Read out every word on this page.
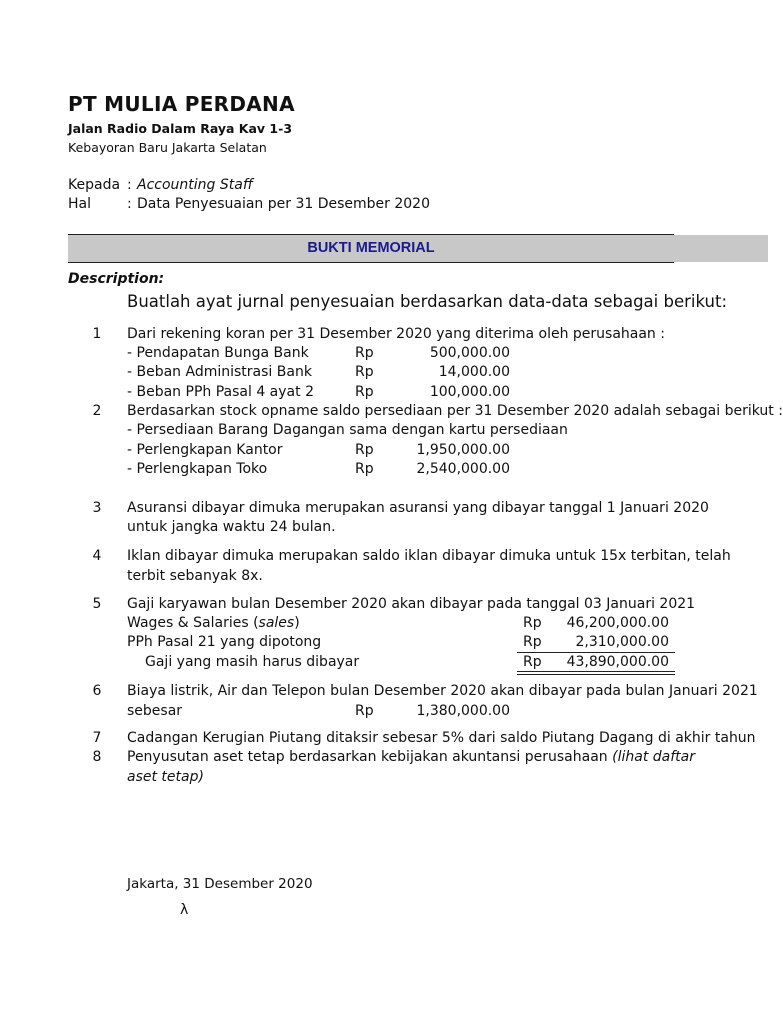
PT MULIA PERDANA
Jalan Radio Dalam Raya Kav 1-3
Kebayoran Baru Jakarta Selatan
Kepada : Accounting Staff
Hal	: Data Penyesuaian per 31 Desember 2020
BUKTI MEMORIAL
Description:
Buatlah ayat jurnal penyesuaian berdasarkan data-data sebagai berikut:
1	Dari rekening koran per 31 Desember 2020 yang diterima oleh perusahaan :
- Pendapatan Bunga Bank	Rp	500,000.00
- Beban Administrasi Bank	Rp	14,000.00
- Beban PPh Pasal 4 ayat 2	Rp	100,000.00
2	Berdasarkan stock opname saldo persediaan per 31 Desember 2020 adalah sebagai berikut :
- Persediaan Barang Dagangan sama dengan kartu persediaan
- Perlengkapan Kantor	Rp	1,950,000.00
- Perlengkapan Toko	Rp	2,540,000.00
3	Asuransi dibayar dimuka merupakan asuransi yang dibayar tanggal 1 Januari 2020
untuk jangka waktu 24 bulan.
4	Iklan dibayar dimuka merupakan saldo iklan dibayar dimuka untuk 15x terbitan, telah
terbit sebanyak 8x.
5	Gaji karyawan bulan Desember 2020 akan dibayar pada tanggal 03 Januari 2021
Wages & Salaries (sales)	Rp	46,200,000.00
PPh Pasal 21 yang dipotong	Rp	2,310,000.00
Gaji yang masih harus dibayar	Rp	43,890,000.00
6	Biaya listrik, Air dan Telepon bulan Desember 2020 akan dibayar pada bulan Januari 2021
sebesar	Rp	1,380,000.00
7	Cadangan Kerugian Piutang ditaksir sebesar 5% dari saldo Piutang Dagang di akhir tahun
8	Penyusutan aset tetap berdasarkan kebijakan akuntansi perusahaan (lihat daftar
aset tetap)
Jakarta, 31 Desember 2020
λ
